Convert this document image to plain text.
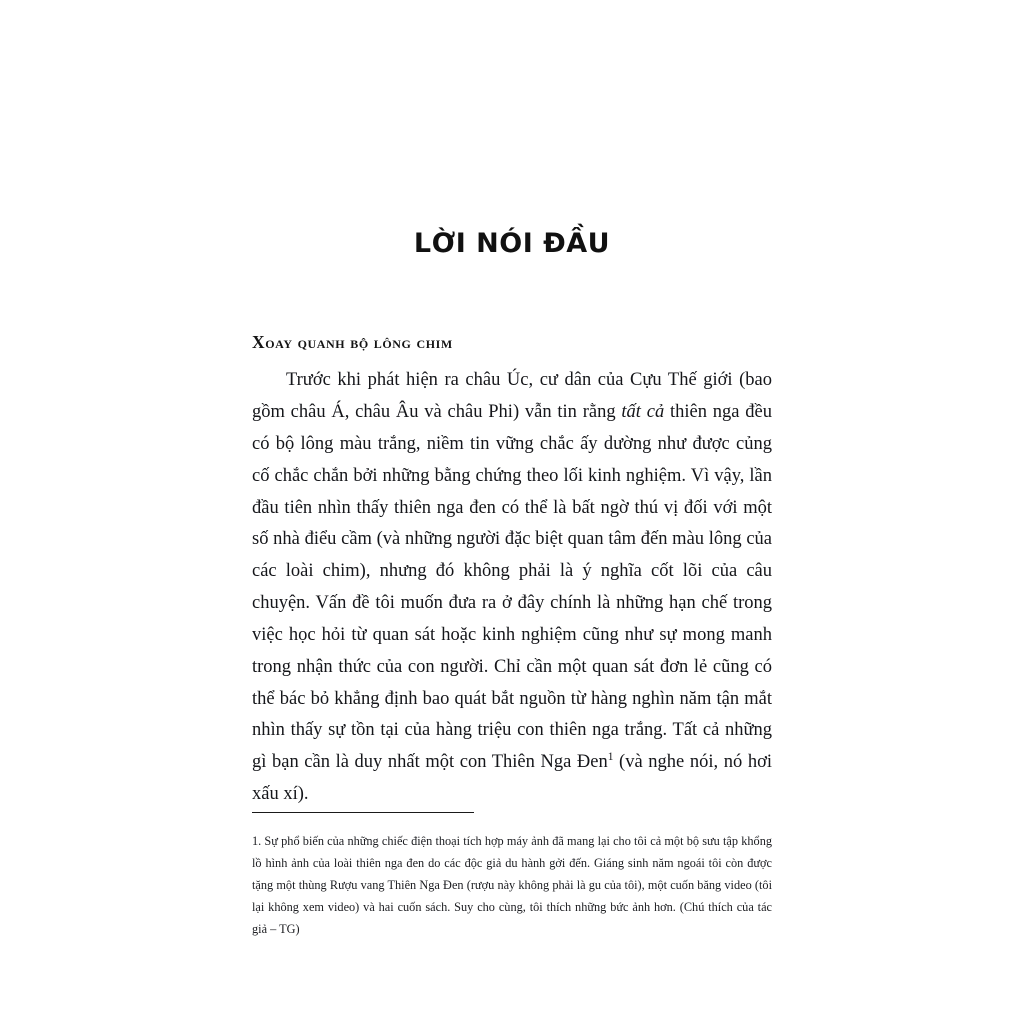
LỜI NÓI ĐẦU
Xoay quanh bộ lông chim

Trước khi phát hiện ra châu Úc, cư dân của Cựu Thế giới (bao gồm châu Á, châu Âu và châu Phi) vẫn tin rằng tất cả thiên nga đều có bộ lông màu trắng, niềm tin vững chắc ấy dường như được củng cố chắc chắn bởi những bằng chứng theo lối kinh nghiệm. Vì vậy, lần đầu tiên nhìn thấy thiên nga đen có thể là bất ngờ thú vị đối với một số nhà điểu cầm (và những người đặc biệt quan tâm đến màu lông của các loài chim), nhưng đó không phải là ý nghĩa cốt lõi của câu chuyện. Vấn đề tôi muốn đưa ra ở đây chính là những hạn chế trong việc học hỏi từ quan sát hoặc kinh nghiệm cũng như sự mong manh trong nhận thức của con người. Chỉ cần một quan sát đơn lẻ cũng có thể bác bỏ khẳng định bao quát bắt nguồn từ hàng nghìn năm tận mắt nhìn thấy sự tồn tại của hàng triệu con thiên nga trắng. Tất cả những gì bạn cần là duy nhất một con Thiên Nga Đen$^1$ (và nghe nói, nó hơi xấu xí).

1. Sự phổ biến của những chiếc điện thoại tích hợp máy ảnh đã mang lại cho tôi cả một bộ sưu tập khổng lồ hình ảnh của loài thiên nga đen do các độc giả du hành gởi đến. Giáng sinh năm ngoái tôi còn được tặng một thùng Rượu vang Thiên Nga Đen (rượu này không phải là gu của tôi), một cuốn băng video (tôi lại không xem video) và hai cuốn sách. Suy cho cùng, tôi thích những bức ảnh hơn. (Chú thích của tác giả – TG)
